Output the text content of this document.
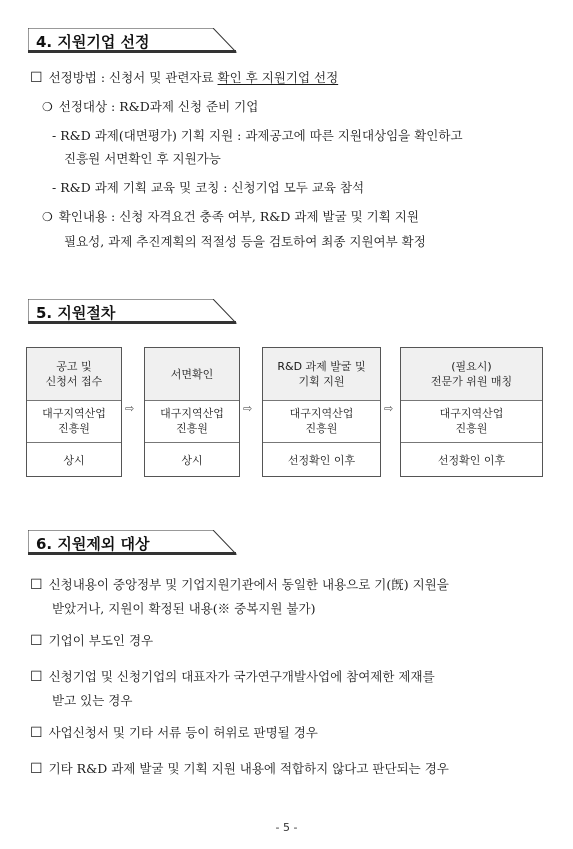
4. 지원기업 선정
☐ 선정방법 : 신청서 및 관련자료 확인 후 지원기업 선정
❍ 선정대상 : R&D과제 신청 준비 기업
- R&D 과제(대면평가) 기획 지원 : 과제공고에 따른 지원대상임을 확인하고
진흥원 서면확인 후 지원가능
- R&D 과제 기획 교육 및 코칭 : 신청기업 모두 교육 참석
❍ 확인내용 : 신청 자격요건 충족 여부, R&D 과제 발굴 및 기획 지원
필요성, 과제 추진계획의 적절성 등을 검토하여 최종 지원여부 확정
5. 지원절차
공고 및
신청서 접수
대구지역산업
진흥원
상시
⇨
서면확인
대구지역산업
진흥원
상시
⇨
R&D 과제 발굴 및
기획 지원
대구지역산업
진흥원
선정확인 이후
⇨
(필요시)
전문가 위원 매칭
대구지역산업
진흥원
선정확인 이후
6. 지원제외 대상
☐ 신청내용이 중앙정부 및 기업지원기관에서 동일한 내용으로 기(旣) 지원을
받았거나, 지원이 확정된 내용(※ 중복지원 불가)
☐ 기업이 부도인 경우
☐ 신청기업 및 신청기업의 대표자가 국가연구개발사업에 참여제한 제재를
받고 있는 경우
☐ 사업신청서 및 기타 서류 등이 허위로 판명될 경우
☐ 기타 R&D 과제 발굴 및 기획 지원 내용에 적합하지 않다고 판단되는 경우
- 5 -
